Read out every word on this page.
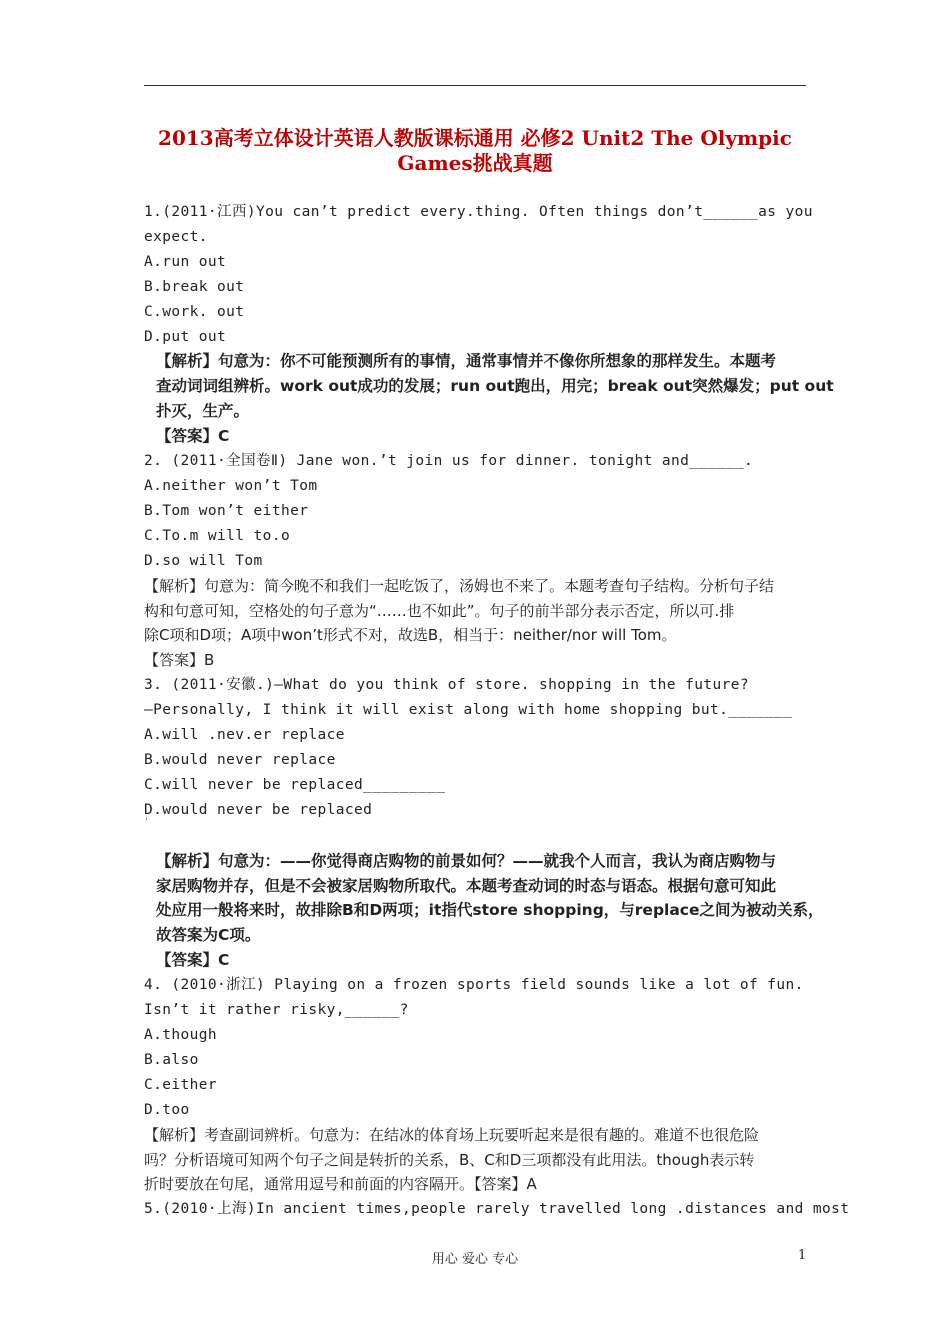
2013高考立体设计英语人教版课标通用 必修2 Unit2 The Olympic Games挑战真题
1.(2011·江西)You can’t predict every.thing. Often things don’t______as you
expect.
A.run out
B.break out
C.work. out
D.put out
【解析】句意为：你不可能预测所有的事情，通常事情并不像你所想象的那样发生。本题考
查动词词组辨析。work out成功的发展；run out跑出，用完；break out突然爆发；put out
扑灭，生产。
【答案】C
2. (2011·全国卷Ⅱ) Jane won.’t join us for dinner. tonight and______.
A.neither won’t Tom
B.Tom won’t either
C.To.m will to.o
D.so will Tom
【解析】句意为：简今晚不和我们一起吃饭了，汤姆也不来了。本题考查句子结构。分析句子结
构和句意可知，空格处的句子意为“……也不如此”。句子的前半部分表示否定，所以可.排
除C项和D项；A项中won’t形式不对，故选B，相当于：neither/nor will Tom。
【答案】B
3. (2011·安徽.)—What do you think of store. shopping in the future?
—Personally, I think it will exist along with home shopping but._______
A.will .nev.er replace
B.would never replace
C.will never be replaced_________
D.would never be replaced
'
【解析】句意为：——你觉得商店购物的前景如何？——就我个人而言，我认为商店购物与
家居购物并存，但是不会被家居购物所取代。本题考查动词的时态与语态。根据句意可知此
处应用一般将来时，故排除B和D两项；it指代store shopping，与replace之间为被动关系，
故答案为C项。
【答案】C
4. (2010·浙江) Playing on a frozen sports field sounds like a lot of fun.
Isn’t it rather risky,______?
A.though
B.also
C.either
D.too
【解析】考查副词辨析。句意为：在结冰的体育场上玩要听起来是很有趣的。难道不也很危险
吗？分析语境可知两个句子之间是转折的关系，B、C和D三项都没有此用法。though表示转
折时要放在句尾，通常用逗号和前面的内容隔开。【答案】A
5.(2010·上海)In ancient times,people rarely travelled long .distances and most
用心 爱心 专心	1
